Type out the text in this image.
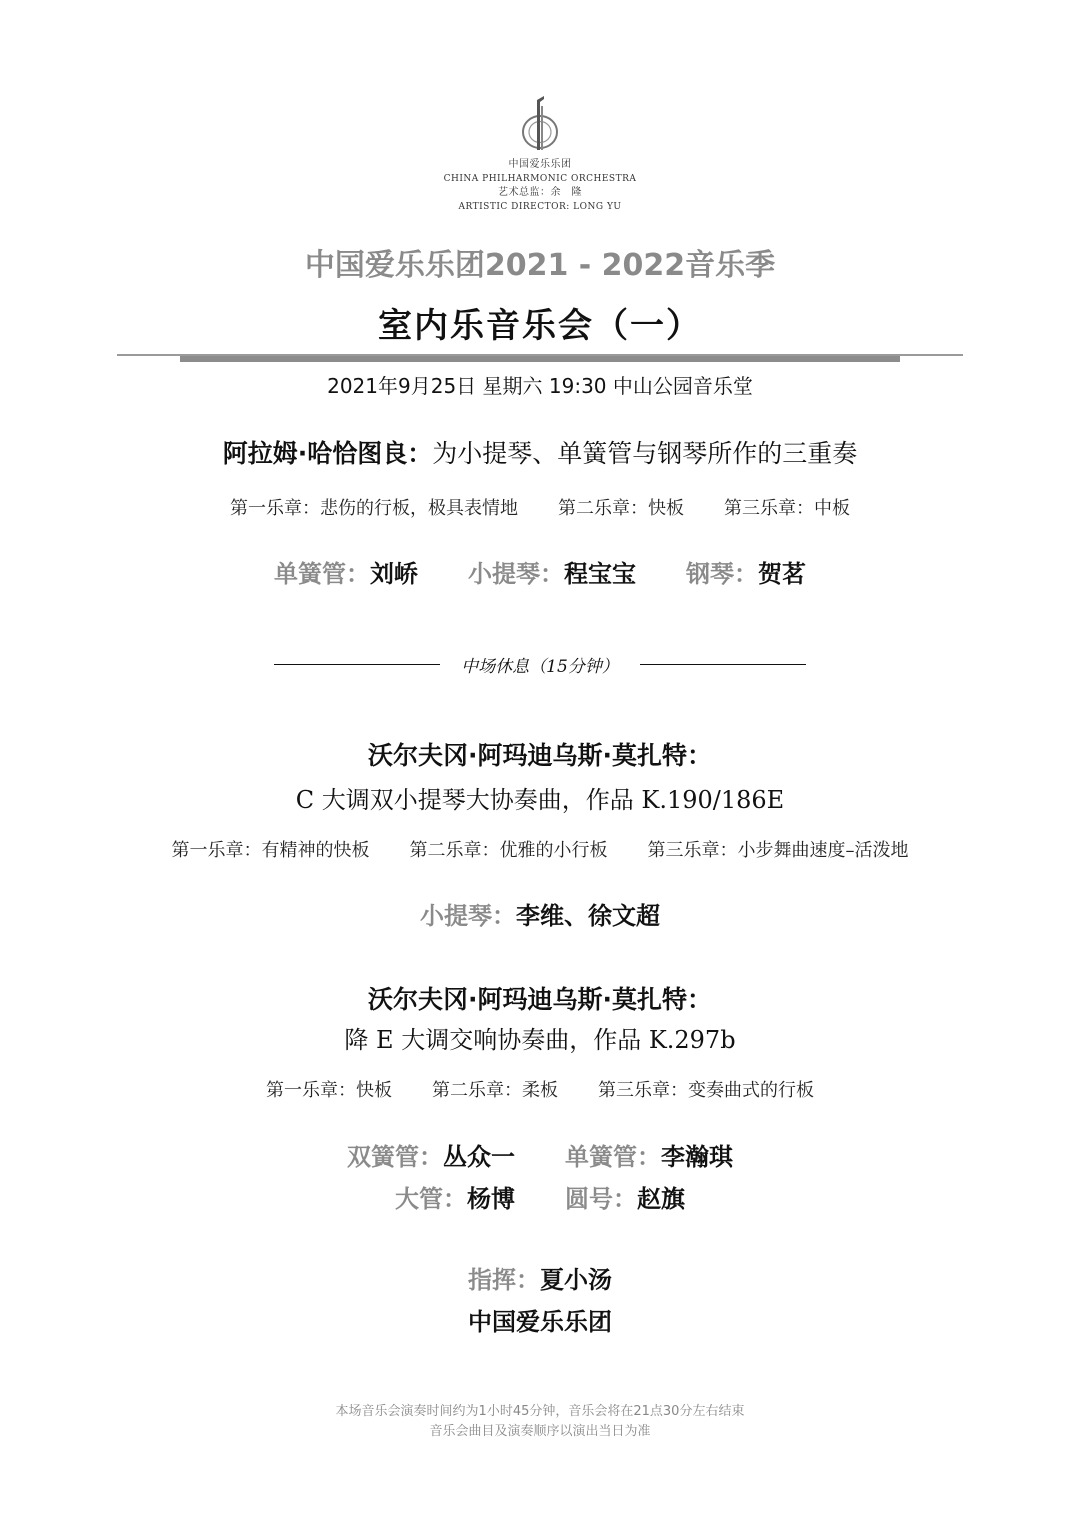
中国爱乐乐团
CHINA PHILHARMONIC ORCHESTRA
艺术总监：余　隆
ARTISTIC DIRECTOR: LONG YU
中国爱乐乐团2021 - 2022音乐季
室内乐音乐会（一）
2021年9月25日 星期六 19:30 中山公园音乐堂
阿拉姆·哈恰图良：为小提琴、单簧管与钢琴所作的三重奏
第一乐章：悲伤的行板，极具表情地 第二乐章：快板 第三乐章：中板
单簧管：刘峤 小提琴：程宝宝 钢琴：贺茗
中场休息（15分钟）
沃尔夫冈·阿玛迪乌斯·莫扎特：
C 大调双小提琴大协奏曲，作品 K.190/186E
第一乐章：有精神的快板 第二乐章：优雅的小行板 第三乐章：小步舞曲速度–活泼地
小提琴：李维、徐文超
沃尔夫冈·阿玛迪乌斯·莫扎特：
降 E 大调交响协奏曲，作品 K.297b
第一乐章：快板 第二乐章：柔板 第三乐章：变奏曲式的行板
双簧管：丛众一 单簧管：李瀚琪
大管：杨博 圆号：赵旗
指挥：夏小汤
中国爱乐乐团
本场音乐会演奏时间约为1小时45分钟，音乐会将在21点30分左右结束
音乐会曲目及演奏顺序以演出当日为准
